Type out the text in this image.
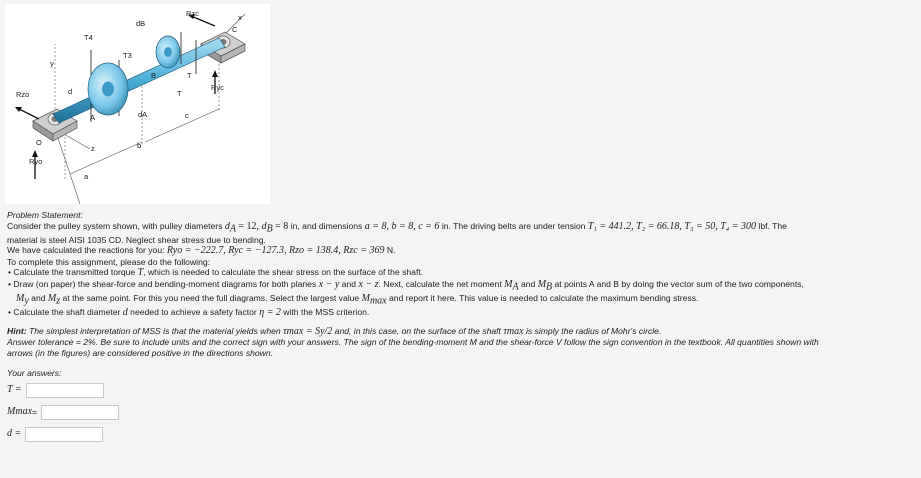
dB
Rzc	x
T4
C
T3
B	T
y
T
Ryc
Rzo	d
A	dA	c
O
z	b
Ryo
a

Problem Statement:

Consider the pulley system shown, with pulley diameters $d_A = 12$, $d_B = 8$ in, and dimensions a = 8, b = 8, c = 6 in. The driving belts are under tension T₁ = 441.2, T₂ = 66.18, T₃ = 50, T₄ = 300 lbf. The

material is steel AISI 1035 CD. Neglect shear stress due to bending.

We have calculated the reactions for you: Ryo = −222.7, Ryc = −127.3, Rzo = 138.4, Rzc = 369 N.

To complete this assignment, please do the following:

• Calculate the transmitted torque T, which is needed to calculate the shear stress on the surface of the shaft.

• Draw (on paper) the shear-force and bending-moment diagrams for both planes x − y and x − z. Next, calculate the net moment $M_A$ and $M_B$ at points A and B by doing the vector sum of the two components,
$M_y$ and $M_z$ at the same point. For this you need the full diagrams. Select the largest value $M_{max}$ and report it here. This value is needed to calculate the maximum bending stress.

• Calculate the shaft diameter d needed to achieve a safety factor η = 2 with the MSS criterion.

Hint: The simplest interpretation of MSS is that the material yields when τmax = Sy/2 and, in this case, on the surface of the shaft τmax is simply the radius of Mohr's circle.

Answer tolerance = 2%. Be sure to include units and the correct sign with your answers. The sign of the bending-moment M and the shear-force V follow the sign convention in the textbook. All quantities shown with

arrows (in the figures) are considered positive in the directions shown.

Your answers:

T =
M max =
d =
